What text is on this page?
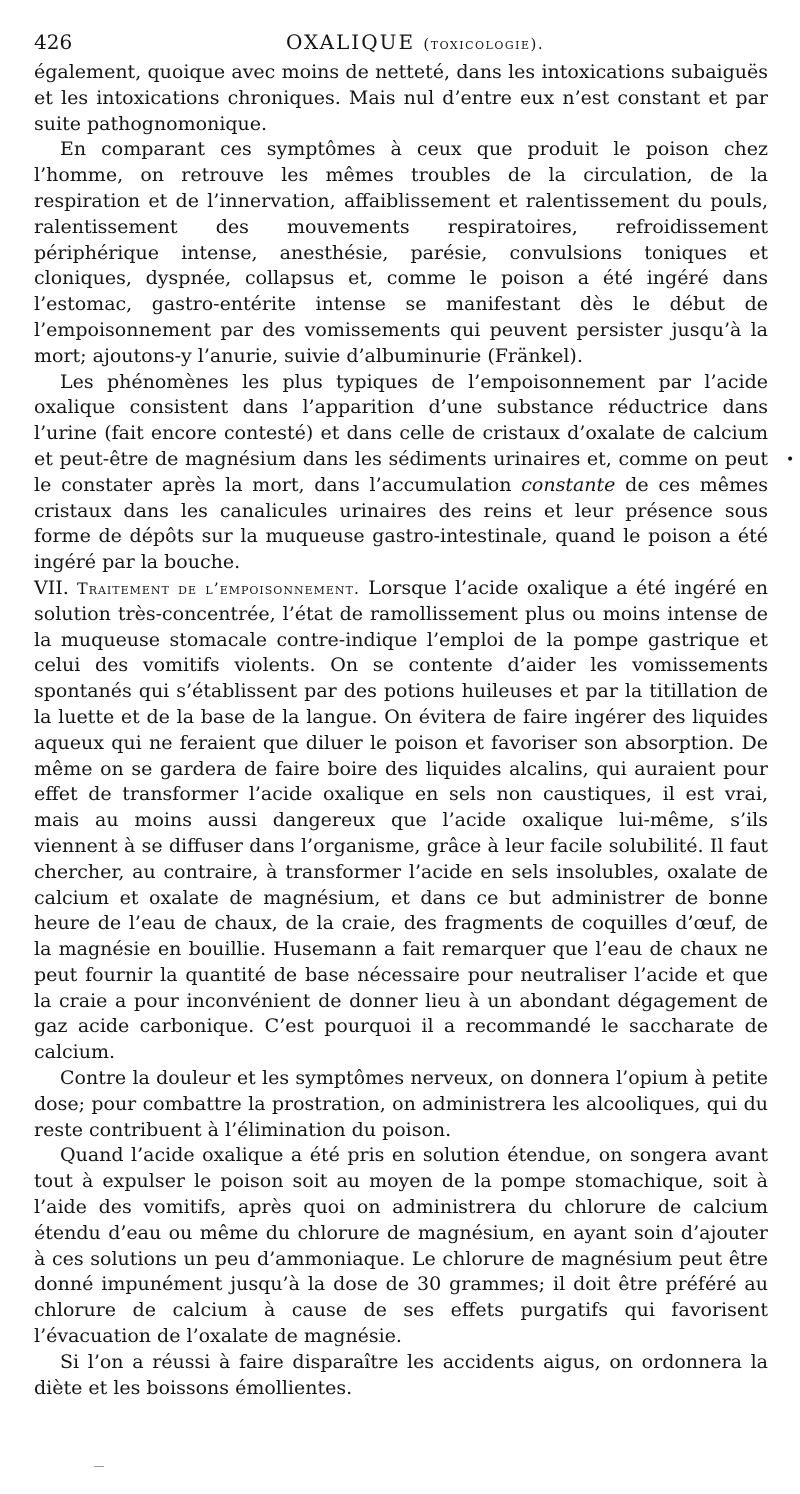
426	OXALIQUE (toxicologie).

également, quoique avec moins de netteté, dans les intoxications subaiguës et les intoxications chroniques. Mais nul d’entre eux n’est constant et par suite pathognomonique.

En comparant ces symptômes à ceux que produit le poison chez l’homme, on retrouve les mêmes troubles de la circulation, de la respiration et de l’innervation, affaiblissement et ralentissement du pouls, ralentissement des mouvements respiratoires, refroidissement périphérique intense, anesthésie, parésie, convulsions toniques et cloniques, dyspnée, collapsus et, comme le poison a été ingéré dans l’estomac, gastro-entérite intense se manifestant dès le début de l’empoisonnement par des vomissements qui peuvent persister jusqu’à la mort; ajoutons-y l’anurie, suivie d’albuminurie (Fränkel).

Les phénomènes les plus typiques de l’empoisonnement par l’acide oxalique consistent dans l’apparition d’une substance réductrice dans l’urine (fait encore contesté) et dans celle de cristaux d’oxalate de calcium et peut-être de magnésium dans les sédiments urinaires et, comme on peut le constater après la mort, dans l’accumulation constante de ces mêmes cristaux dans les canalicules urinaires des reins et leur présence sous forme de dépôts sur la muqueuse gastro-intestinale, quand le poison a été ingéré par la bouche.

VII. Traitement de l’empoisonnement. Lorsque l’acide oxalique a été ingéré en solution très-concentrée, l’état de ramollissement plus ou moins intense de la muqueuse stomacale contre-indique l’emploi de la pompe gastrique et celui des vomitifs violents. On se contente d’aider les vomissements spontanés qui s’établissent par des potions huileuses et par la titillation de la luette et de la base de la langue. On évitera de faire ingérer des liquides aqueux qui ne feraient que diluer le poison et favoriser son absorption. De même on se gardera de faire boire des liquides alcalins, qui auraient pour effet de transformer l’acide oxalique en sels non caustiques, il est vrai, mais au moins aussi dangereux que l’acide oxalique lui-même, s’ils viennent à se diffuser dans l’organisme, grâce à leur facile solubilité. Il faut chercher, au contraire, à transformer l’acide en sels insolubles, oxalate de calcium et oxalate de magnésium, et dans ce but administrer de bonne heure de l’eau de chaux, de la craie, des fragments de coquilles d’œuf, de la magnésie en bouillie. Husemann a fait remarquer que l’eau de chaux ne peut fournir la quantité de base nécessaire pour neutraliser l’acide et que la craie a pour inconvénient de donner lieu à un abondant dégagement de gaz acide carbonique. C’est pourquoi il a recommandé le saccharate de calcium.

Contre la douleur et les symptômes nerveux, on donnera l’opium à petite dose; pour combattre la prostration, on administrera les alcooliques, qui du reste contribuent à l’élimination du poison.

Quand l’acide oxalique a été pris en solution étendue, on songera avant tout à expulser le poison soit au moyen de la pompe stomachique, soit à l’aide des vomitifs, après quoi on administrera du chlorure de calcium étendu d’eau ou même du chlorure de magnésium, en ayant soin d’ajouter à ces solutions un peu d’ammoniaque. Le chlorure de magnésium peut être donné impunément jusqu’à la dose de 30 grammes; il doit être préféré au chlorure de calcium à cause de ses effets purgatifs qui favorisent l’évacuation de l’oxalate de magnésie.

Si l’on a réussi à faire disparaître les accidents aigus, on ordonnera la diète et les boissons émollientes.

•
